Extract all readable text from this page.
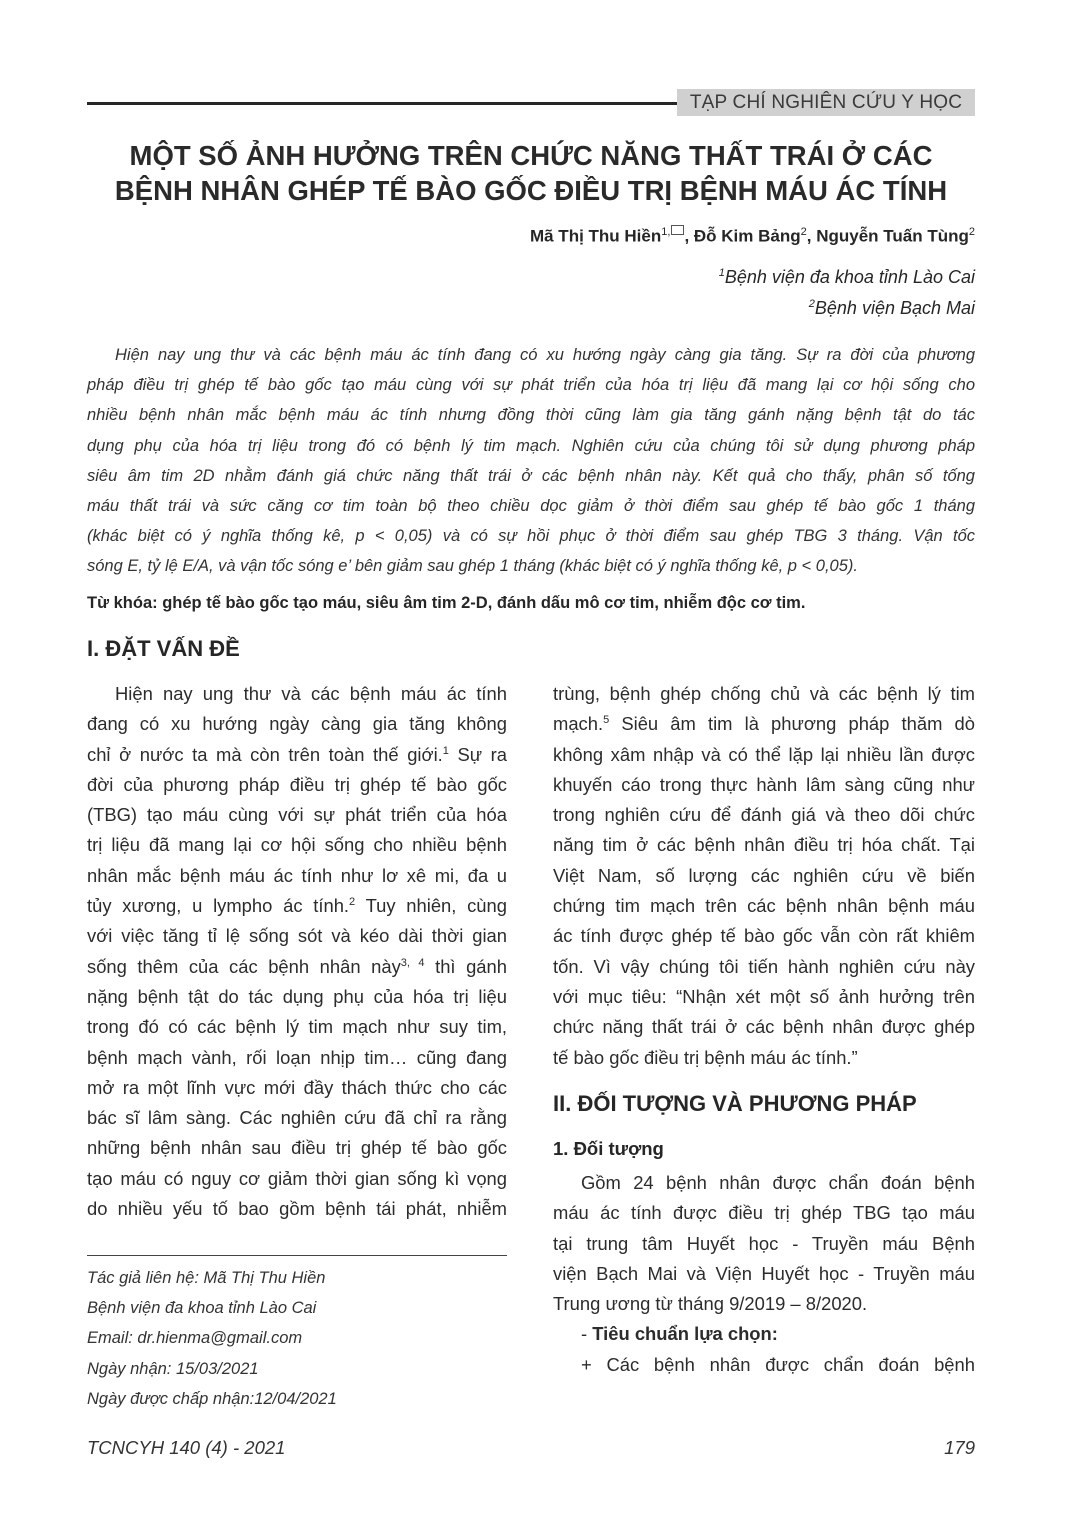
TẠP CHÍ NGHIÊN CỨU Y HỌC
MỘT SỐ ẢNH HƯỞNG TRÊN CHỨC NĂNG THẤT TRÁI Ở CÁC
BỆNH NHÂN GHÉP TẾ BÀO GỐC ĐIỀU TRỊ BỆNH MÁU ÁC TÍNH
Mã Thị Thu Hiền$^{1,}$ , Đỗ Kim Bảng$^2$, Nguyễn Tuấn Tùng$^2$
$^1$Bệnh viện đa khoa tỉnh Lào Cai
$^2$Bệnh viện Bạch Mai
Hiện nay ung thư và các bệnh máu ác tính đang có xu hướng ngày càng gia tăng. Sự ra đời của phương
pháp điều trị ghép tế bào gốc tạo máu cùng với sự phát triển của hóa trị liệu đã mang lại cơ hội sống cho
nhiều bệnh nhân mắc bệnh máu ác tính nhưng đồng thời cũng làm gia tăng gánh nặng bệnh tật do tác
dụng phụ của hóa trị liệu trong đó có bệnh lý tim mạch. Nghiên cứu của chúng tôi sử dụng phương pháp
siêu âm tim 2D nhằm đánh giá chức năng thất trái ở các bệnh nhân này. Kết quả cho thấy, phân số tống
máu thất trái và sức căng cơ tim toàn bộ theo chiều dọc giảm ở thời điểm sau ghép tế bào gốc 1 tháng
(khác biệt có ý nghĩa thống kê, p < 0,05) và có sự hồi phục ở thời điểm sau ghép TBG 3 tháng. Vận tốc
sóng E, tỷ lệ E/A, và vận tốc sóng e’ bên giảm sau ghép 1 tháng (khác biệt có ý nghĩa thống kê, p < 0,05).
Từ khóa: ghép tế bào gốc tạo máu, siêu âm tim 2-D, đánh dấu mô cơ tim, nhiễm độc cơ tim.
I. ĐẶT VẤN ĐỀ
Hiện nay ung thư và các bệnh máu ác tính
đang có xu hướng ngày càng gia tăng không
chỉ ở nước ta mà còn trên toàn thế giới.$^1$ Sự ra
đời của phương pháp điều trị ghép tế bào gốc
(TBG) tạo máu cùng với sự phát triển của hóa
trị liệu đã mang lại cơ hội sống cho nhiều bệnh
nhân mắc bệnh máu ác tính như lơ xê mi, đa u
tủy xương, u lympho ác tính.$^2$ Tuy nhiên, cùng
với việc tăng tỉ lệ sống sót và kéo dài thời gian
sống thêm của các bệnh nhân này$^{3, 4}$ thì gánh
nặng bệnh tật do tác dụng phụ của hóa trị liệu
trong đó có các bệnh lý tim mạch như suy tim,
bệnh mạch vành, rối loạn nhịp tim… cũng đang
mở ra một lĩnh vực mới đầy thách thức cho các
bác sĩ lâm sàng. Các nghiên cứu đã chỉ ra rằng
những bệnh nhân sau điều trị ghép tế bào gốc
tạo máu có nguy cơ giảm thời gian sống kì vọng
do nhiều yếu tố bao gồm bệnh tái phát, nhiễm
Tác giả liên hệ: Mã Thị Thu Hiền
Bệnh viện đa khoa tỉnh Lào Cai
Email: dr.hienma@gmail.com
Ngày nhận: 15/03/2021
Ngày được chấp nhận:12/04/2021
trùng, bệnh ghép chống chủ và các bệnh lý tim
mạch.$^5$ Siêu âm tim là phương pháp thăm dò
không xâm nhập và có thể lặp lại nhiều lần được
khuyến cáo trong thực hành lâm sàng cũng như
trong nghiên cứu để đánh giá và theo dõi chức
năng tim ở các bệnh nhân điều trị hóa chất. Tại
Việt Nam, số lượng các nghiên cứu về biến
chứng tim mạch trên các bệnh nhân bệnh máu
ác tính được ghép tế bào gốc vẫn còn rất khiêm
tốn. Vì vậy chúng tôi tiến hành nghiên cứu này
với mục tiêu: “Nhận xét một số ảnh hưởng trên
chức năng thất trái ở các bệnh nhân được ghép
tế bào gốc điều trị bệnh máu ác tính.”
II. ĐỐI TƯỢNG VÀ PHƯƠNG PHÁP
1. Đối tượng
Gồm 24 bệnh nhân được chẩn đoán bệnh
máu ác tính được điều trị ghép TBG tạo máu
tại trung tâm Huyết học - Truyền máu Bệnh
viện Bạch Mai và Viện Huyết học - Truyền máu
Trung ương từ tháng 9/2019 – 8/2020.
- Tiêu chuẩn lựa chọn:
+ Các bệnh nhân được chẩn đoán bệnh
TCNCYH 140 (4) - 2021	179
